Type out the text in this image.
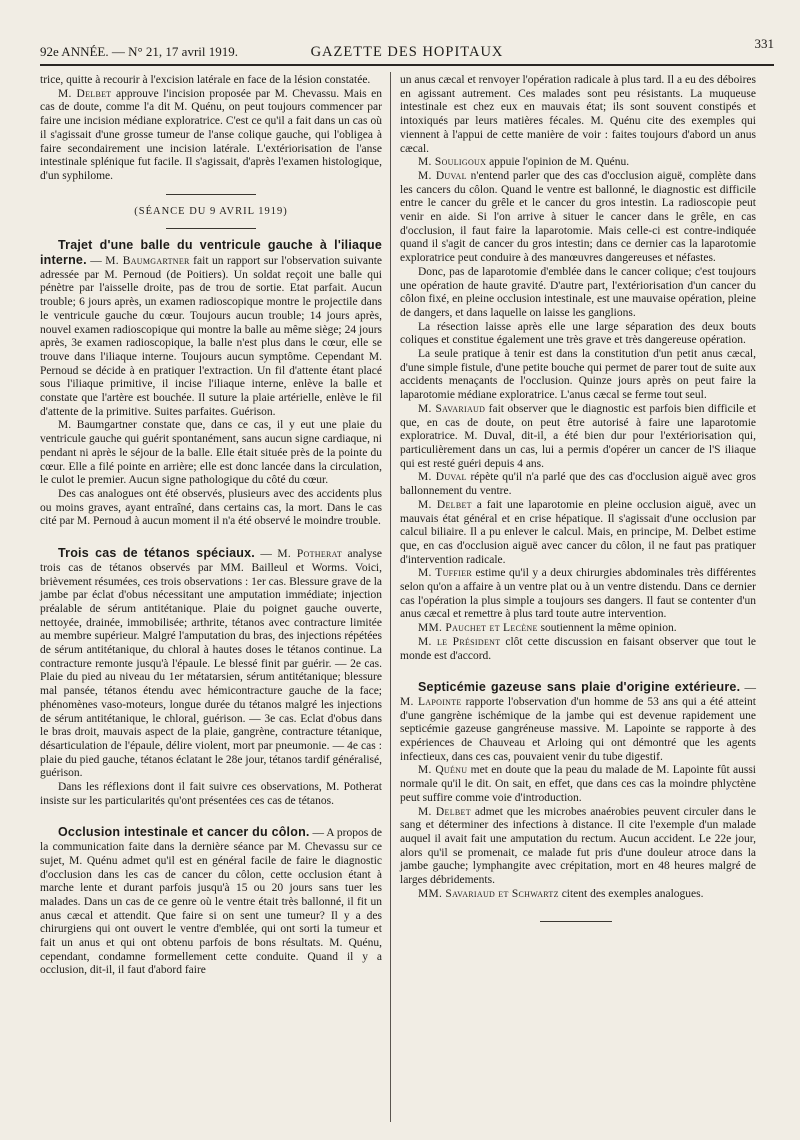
92e ANNÉE. — N° 21, 17 avril 1919.	GAZETTE DES HOPITAUX
331

trice, quitte à recourir à l'excision latérale en face de la lésion constatée.

M. Delbet approuve l'incision proposée par M. Chevassu. Mais en cas de doute, comme l'a dit M. Quénu, on peut toujours commencer par faire une incision médiane exploratrice. C'est ce qu'il a fait dans un cas où il s'agissait d'une grosse tumeur de l'anse colique gauche, qui l'obligea à faire secondairement une incision latérale. L'extériorisation de l'anse intestinale splénique fut facile. Il s'agissait, d'après l'examen histologique, d'un syphilome.

(SÉANCE DU 9 AVRIL 1919)

Trajet d'une balle du ventricule gauche à l'iliaque interne. — M. Baumgartner fait un rapport sur l'observation suivante adressée par M. Pernoud (de Poitiers). Un soldat reçoit une balle qui pénètre par l'aisselle droite, pas de trou de sortie. Etat parfait. Aucun trouble; 6 jours après, un examen radioscopique montre le projectile dans le ventricule gauche du cœur. Toujours aucun trouble; 14 jours après, nouvel examen radioscopique qui montre la balle au même siège; 24 jours après, 3e examen radioscopique, la balle n'est plus dans le cœur, elle se trouve dans l'iliaque interne. Toujours aucun symptôme. Cependant M. Pernoud se décide à en pratiquer l'extraction. Un fil d'attente étant placé sous l'iliaque primitive, il incise l'iliaque interne, enlève la balle et constate que l'artère est bouchée. Il suture la plaie artérielle, enlève le fil d'attente de la primitive. Suites parfaites. Guérison.

M. Baumgartner constate que, dans ce cas, il y eut une plaie du ventricule gauche qui guérit spontanément, sans aucun signe cardiaque, ni pendant ni après le séjour de la balle. Elle était située près de la pointe du cœur. Elle a filé pointe en arrière; elle est donc lancée dans la circulation, le culot le premier. Aucun signe pathologique du côté du cœur.

Des cas analogues ont été observés, plusieurs avec des accidents plus ou moins graves, ayant entraîné, dans certains cas, la mort. Dans le cas cité par M. Pernoud à aucun moment il n'a été observé le moindre trouble.

Trois cas de tétanos spéciaux. — M. Potherat analyse trois cas de tétanos observés par MM. Bailleul et Worms. Voici, brièvement résumées, ces trois observations : 1er cas. Blessure grave de la jambe par éclat d'obus nécessitant une amputation immédiate; injection préalable de sérum antitétanique. Plaie du poignet gauche ouverte, nettoyée, drainée, immobilisée; arthrite, tétanos avec contracture limitée au membre supérieur. Malgré l'amputation du bras, des injections répétées de sérum antitétanique, du chloral à hautes doses le tétanos continue. La contracture remonte jusqu'à l'épaule. Le blessé finit par guérir. — 2e cas. Plaie du pied au niveau du 1er métatarsien, sérum antitétanique; blessure mal pansée, tétanos étendu avec hémicontracture gauche de la face; phénomènes vaso-moteurs, longue durée du tétanos malgré les injections de sérum antitétanique, le chloral, guérison. — 3e cas. Eclat d'obus dans le bras droit, mauvais aspect de la plaie, gangrène, contracture tétanique, désarticulation de l'épaule, délire violent, mort par pneumonie. — 4e cas : plaie du pied gauche, tétanos éclatant le 28e jour, tétanos tardif généralisé, guérison.

Dans les réflexions dont il fait suivre ces observations, M. Potherat insiste sur les particularités qu'ont présentées ces cas de tétanos.

Occlusion intestinale et cancer du côlon. — A propos de la communication faite dans la dernière séance par M. Chevassu sur ce sujet, M. Quénu admet qu'il est en général facile de faire le diagnostic d'occlusion dans les cas de cancer du côlon, cette occlusion étant à marche lente et durant parfois jusqu'à 15 ou 20 jours sans tuer les malades. Dans un cas de ce genre où le ventre était très ballonné, il fit un anus cæcal et attendit. Que faire si on sent une tumeur? Il y a des chirurgiens qui ont ouvert le ventre d'emblée, qui ont sorti la tumeur et fait un anus et qui ont obtenu parfois de bons résultats. M. Quénu, cependant, condamne formellement cette conduite. Quand il y a occlusion, dit-il, il faut d'abord faire

un anus cæcal et renvoyer l'opération radicale à plus tard. Il a eu des déboires en agissant autrement. Ces malades sont peu résistants. La muqueuse intestinale est chez eux en mauvais état; ils sont souvent constipés et intoxiqués par leurs matières fécales. M. Quénu cite des exemples qui viennent à l'appui de cette manière de voir : faites toujours d'abord un anus cæcal.

M. Souligoux appuie l'opinion de M. Quénu.

M. Duval n'entend parler que des cas d'occlusion aiguë, complète dans les cancers du côlon. Quand le ventre est ballonné, le diagnostic est difficile entre le cancer du grêle et le cancer du gros intestin. La radioscopie peut venir en aide. Si l'on arrive à situer le cancer dans le grêle, en cas d'occlusion, il faut faire la laparotomie. Mais celle-ci est contre-indiquée quand il s'agit de cancer du gros intestin; dans ce dernier cas la laparotomie exploratrice peut conduire à des manœuvres dangereuses et néfastes.

Donc, pas de laparotomie d'emblée dans le cancer colique; c'est toujours une opération de haute gravité. D'autre part, l'extériorisation d'un cancer du côlon fixé, en pleine occlusion intestinale, est une mauvaise opération, pleine de dangers, et dans laquelle on laisse les ganglions.

La résection laisse après elle une large séparation des deux bouts coliques et constitue également une très grave et très dangereuse opération.

La seule pratique à tenir est dans la constitution d'un petit anus cæcal, d'une simple fistule, d'une petite bouche qui permet de parer tout de suite aux accidents menaçants de l'occlusion. Quinze jours après on peut faire la laparotomie médiane exploratrice. L'anus cæcal se ferme tout seul.

M. Savariaud fait observer que le diagnostic est parfois bien difficile et que, en cas de doute, on peut être autorisé à faire une laparotomie exploratrice. M. Duval, dit-il, a été bien dur pour l'extériorisation qui, particulièrement dans un cas, lui a permis d'opérer un cancer de l'S iliaque qui est resté guéri depuis 4 ans.

M. Duval répète qu'il n'a parlé que des cas d'occlusion aiguë avec gros ballonnement du ventre.

M. Delbet a fait une laparotomie en pleine occlusion aiguë, avec un mauvais état général et en crise hépatique. Il s'agissait d'une occlusion par calcul biliaire. Il a pu enlever le calcul. Mais, en principe, M. Delbet estime que, en cas d'occlusion aiguë avec cancer du côlon, il ne faut pas pratiquer d'intervention radicale.

M. Tuffier estime qu'il y a deux chirurgies abdominales très différentes selon qu'on a affaire à un ventre plat ou à un ventre distendu. Dans ce dernier cas l'opération la plus simple a toujours ses dangers. Il faut se contenter d'un anus cæcal et remettre à plus tard toute autre intervention.

MM. Pauchet et Lecène soutiennent la même opinion.

M. le Président clôt cette discussion en faisant observer que tout le monde est d'accord.

Septicémie gazeuse sans plaie d'origine extérieure. — M. Lapointe rapporte l'observation d'un homme de 53 ans qui a été atteint d'une gangrène ischémique de la jambe qui est devenue rapidement une septicémie gazeuse gangréneuse massive. M. Lapointe se rapporte à des expériences de Chauveau et Arloing qui ont démontré que les agents infectieux, dans ces cas, pouvaient venir du tube digestif.

M. Quénu met en doute que la peau du malade de M. Lapointe fût aussi normale qu'il le dit. On sait, en effet, que dans ces cas la moindre phlyctène peut suffire comme voie d'introduction.

M. Delbet admet que les microbes anaérobies peuvent circuler dans le sang et déterminer des infections à distance. Il cite l'exemple d'un malade auquel il avait fait une amputation du rectum. Aucun accident. Le 22e jour, alors qu'il se promenait, ce malade fut pris d'une douleur atroce dans la jambe gauche; lymphangite avec crépitation, mort en 48 heures malgré de larges débridements.

MM. Savariaud et Schwartz citent des exemples analogues.
